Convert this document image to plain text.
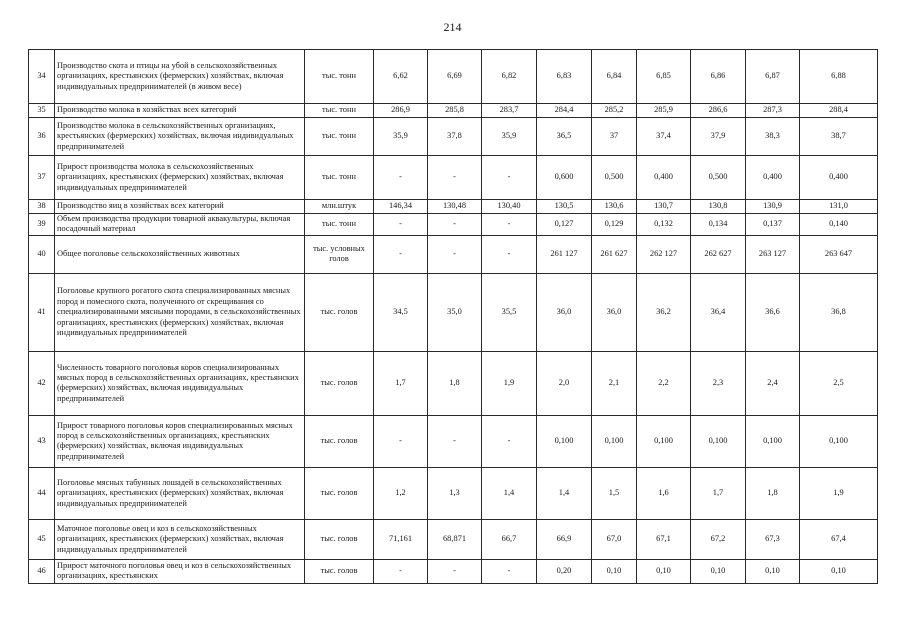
214
34	Производство скота и птицы на убой в сельскохозяйственных организациях, крестьянских (фермерских) хозяйствах, включая индивидуальных предпринимателей (в живом весе)	тыс. тонн	6,62	6,69	6,82	6,83	6,84	6,85	6,86	6,87	6,88
35	Производство молока в хозяйствах всех категорий	тыс. тонн	286,9	285,8	283,7	284,4	285,2	285,9	286,6	287,3	288,4
36	Производство молока в сельскохозяйственных организациях, крестьянских (фермерских) хозяйствах, включая индивидуальных предпринимателей	тыс. тонн	35,9	37,8	35,9	36,5	37	37,4	37,9	38,3	38,7
37	Прирост производства молока в сельскохозяйственных организациях, крестьянских (фермерских) хозяйствах, включая индивидуальных предпринимателей	тыс. тонн	-	-	-	0,600	0,500	0,400	0,500	0,400	0,400
38	Производство яиц в хозяйствах всех категорий	млн.штук	146,34	130,48	130,40	130,5	130,6	130,7	130,8	130,9	131,0
39	Объем производства продукции товарной аквакультуры, включая посадочный материал	тыс. тонн	-	-	-	0,127	0,129	0,132	0,134	0,137	0,140
40	Общее поголовье сельскохозяйственных животных	тыс. условных голов	-	-	-	261 127	261 627	262 127	262 627	263 127	263 647
41	Поголовье крупного рогатого скота специализированных мясных пород и помесного скота, полученного от скрещивания со специализированными мясными породами, в сельскохозяйственных организациях, крестьянских (фермерских) хозяйствах, включая индивидуальных предпринимателей	тыс. голов	34,5	35,0	35,5	36,0	36,0	36,2	36,4	36,6	36,8
42	Численность товарного поголовья коров специализированных мясных пород в сельскохозяйственных организациях, крестьянских (фермерских) хозяйствах, включая индивидуальных предпринимателей	тыс. голов	1,7	1,8	1,9	2,0	2,1	2,2	2,3	2,4	2,5
43	Прирост товарного поголовья коров специализированных мясных пород в сельскохозяйственных организациях, крестьянских (фермерских) хозяйствах, включая индивидуальных предпринимателей	тыс. голов	-	-	-	0,100	0,100	0,100	0,100	0,100	0,100
44	Поголовье мясных табунных лошадей в сельскохозяйственных организациях, крестьянских (фермерских) хозяйствах, включая индивидуальных предпринимателей	тыс. голов	1,2	1,3	1,4	1,4	1,5	1,6	1,7	1,8	1,9
45	Маточное поголовье овец и коз в сельскохозяйственных организациях, крестьянских (фермерских) хозяйствах, включая индивидуальных предпринимателей	тыс. голов	71,161	68,871	66,7	66,9	67,0	67,1	67,2	67,3	67,4
46	Прирост маточного поголовья овец и коз в сельскохозяйственных организациях, крестьянских	тыс. голов	-	-	-	0,20	0,10	0,10	0,10	0,10	0,10
